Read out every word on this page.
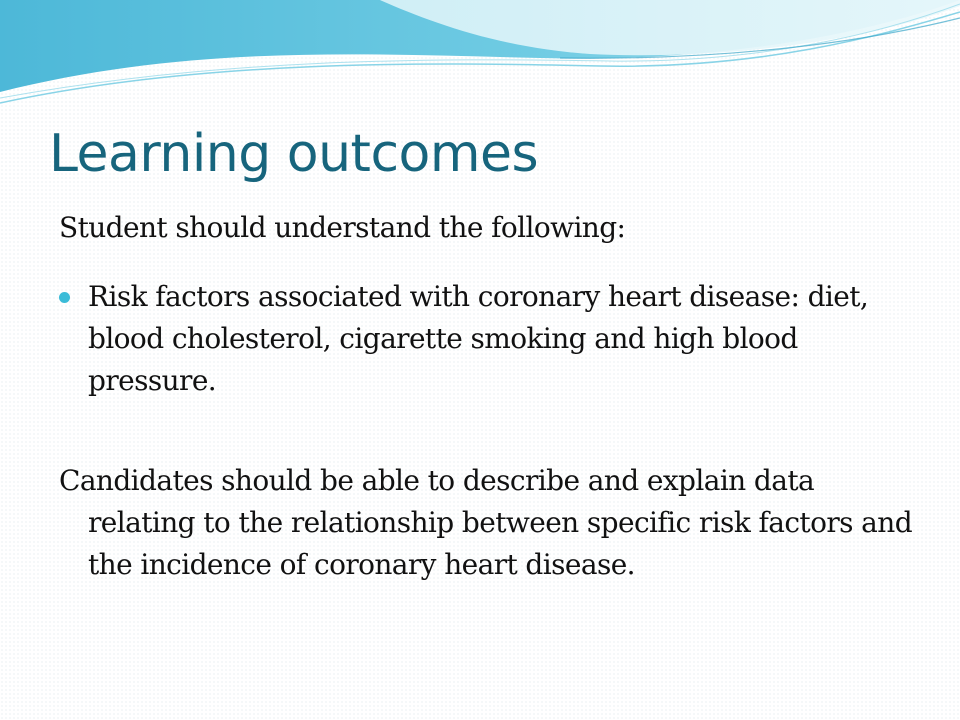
Learning outcomes

Student should understand the following:

Risk factors associated with coronary heart disease: diet, blood cholesterol, cigarette smoking and high blood pressure.

Candidates should be able to describe and explain data relating to the relationship between specific risk factors and the incidence of coronary heart disease.
